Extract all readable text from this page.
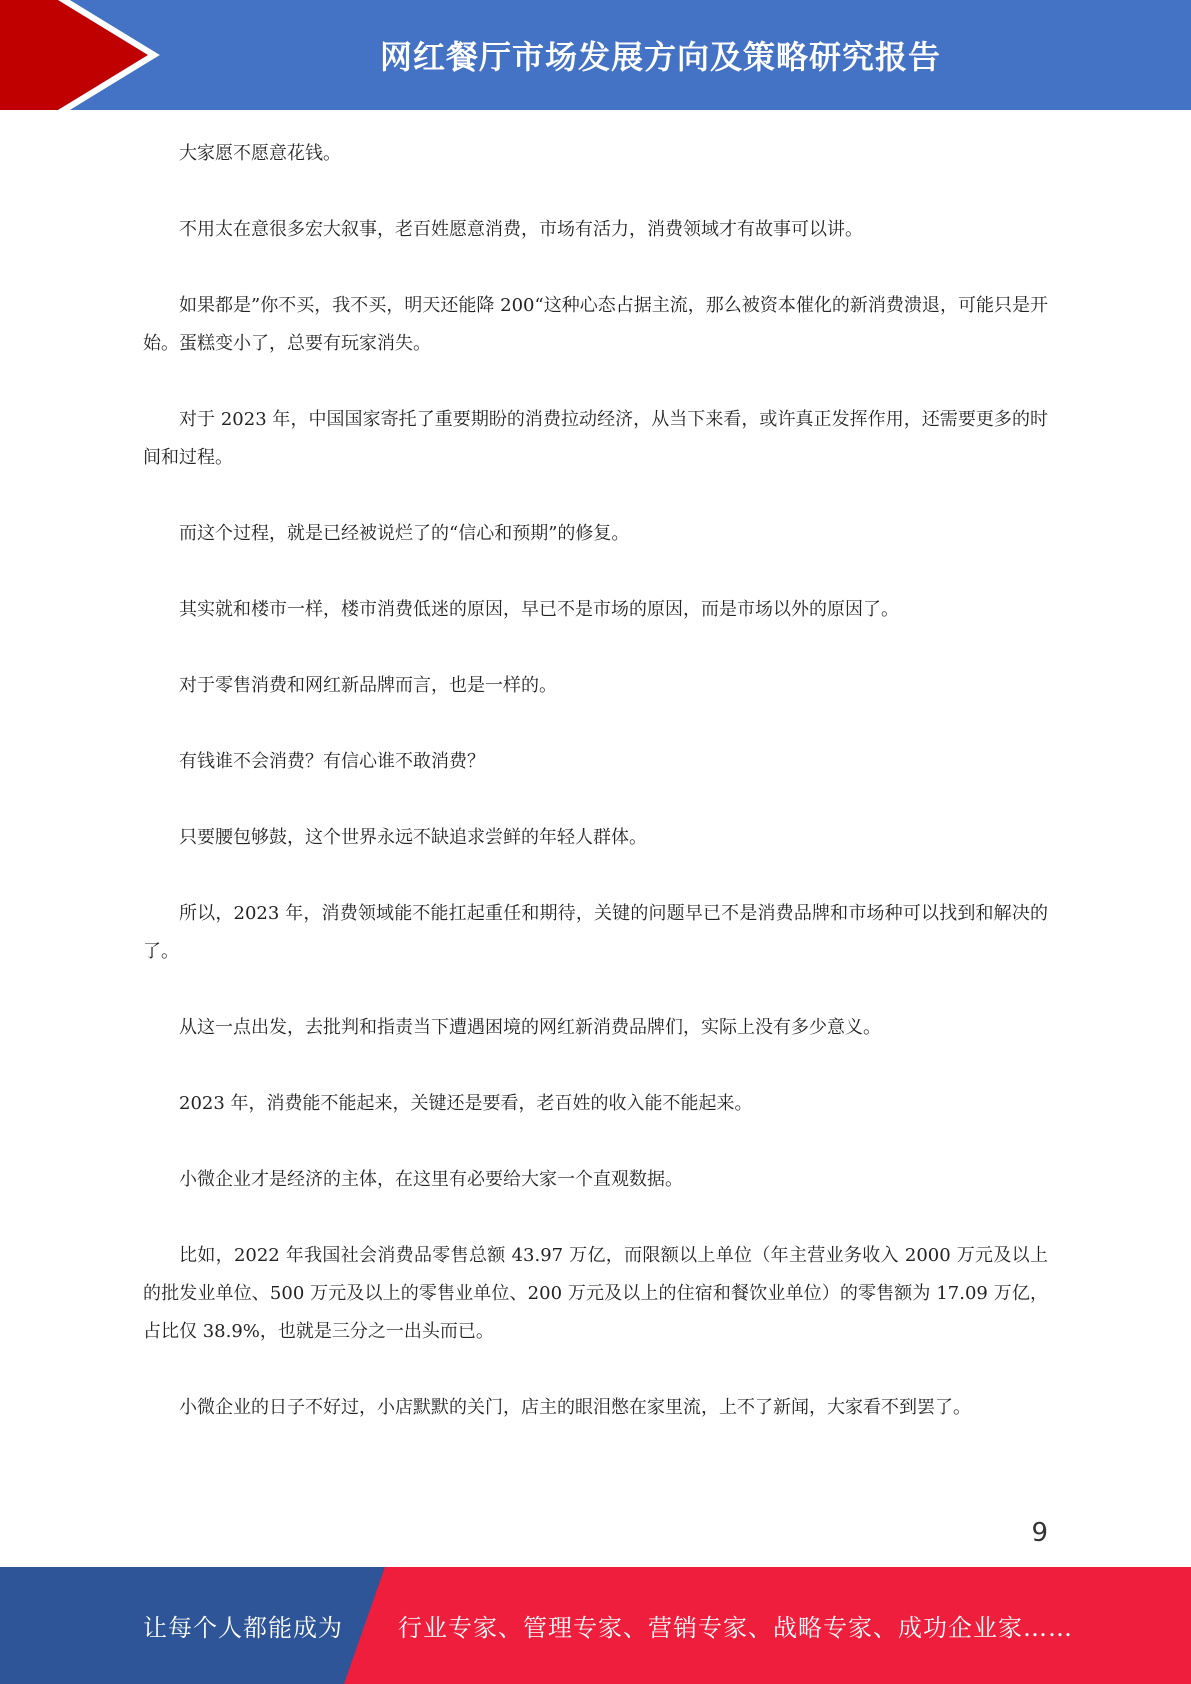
网红餐厅市场发展方向及策略研究报告

大家愿不愿意花钱。

不用太在意很多宏大叙事，老百姓愿意消费，市场有活力，消费领域才有故事可以讲。

如果都是”你不买，我不买，明天还能降 200“这种心态占据主流，那么被资本催化的新消费溃退，可能只是开始。蛋糕变小了，总要有玩家消失。

对于 2023 年，中国国家寄托了重要期盼的消费拉动经济，从当下来看，或许真正发挥作用，还需要更多的时间和过程。

而这个过程，就是已经被说烂了的“信心和预期”的修复。

其实就和楼市一样，楼市消费低迷的原因，早已不是市场的原因，而是市场以外的原因了。

对于零售消费和网红新品牌而言，也是一样的。

有钱谁不会消费？有信心谁不敢消费？

只要腰包够鼓，这个世界永远不缺追求尝鲜的年轻人群体。

所以，2023 年，消费领域能不能扛起重任和期待，关键的问题早已不是消费品牌和市场种可以找到和解决的了。

从这一点出发，去批判和指责当下遭遇困境的网红新消费品牌们，实际上没有多少意义。

2023 年，消费能不能起来，关键还是要看，老百姓的收入能不能起来。

小微企业才是经济的主体，在这里有必要给大家一个直观数据。

比如，2022 年我国社会消费品零售总额 43.97 万亿，而限额以上单位（年主营业务收入 2000 万元及以上的批发业单位、500 万元及以上的零售业单位、200 万元及以上的住宿和餐饮业单位）的零售额为 17.09 万亿，占比仅 38.9%，也就是三分之一出头而已。

小微企业的日子不好过，小店默默的关门，店主的眼泪憋在家里流，上不了新闻，大家看不到罢了。

9
让每个人都能成为 行业专家、管理专家、营销专家、战略专家、成功企业家……
